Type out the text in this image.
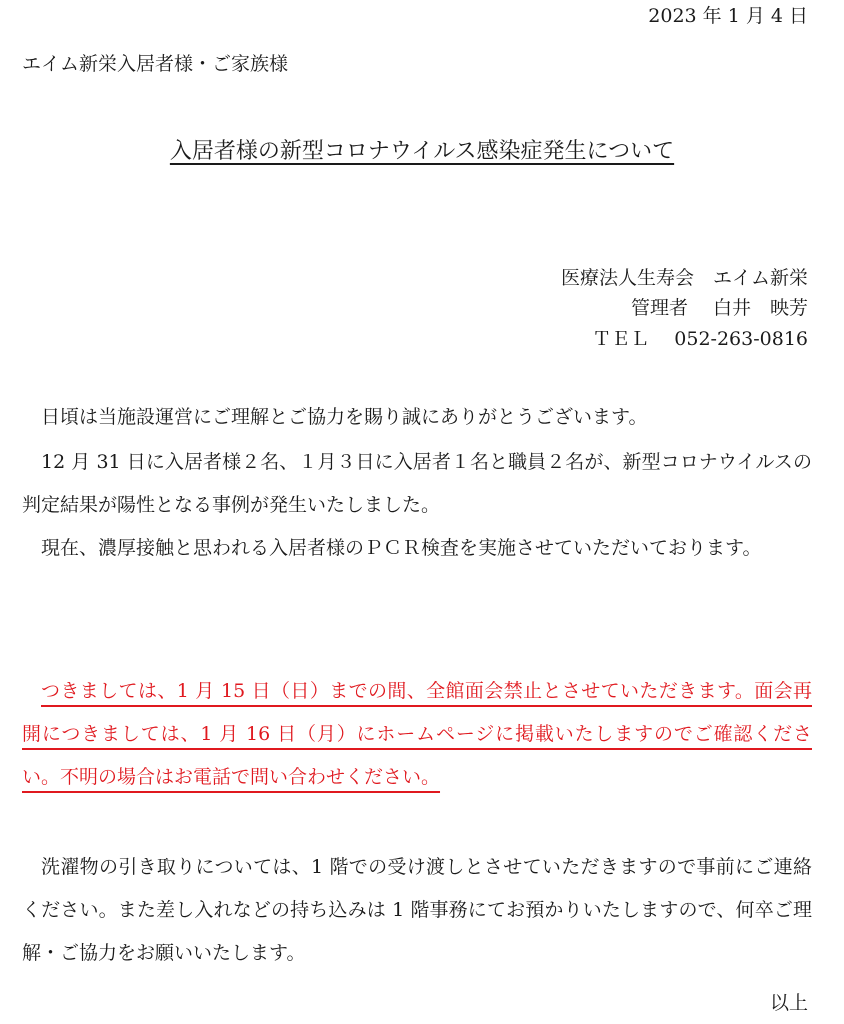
2023 年 1 月 4 日
エイム新栄入居者様・ご家族様
入居者様の新型コロナウイルス感染症発生について
医療法人生寿会　エイム新栄
管理者　 白井　映芳
ＴＥＬ　 052-263-0816
日頃は当施設運営にご理解とご協力を賜り誠にありがとうございます。
12 月 31 日に入居者様２名、１月３日に入居者１名と職員２名が、新型コロナウイルスの判定結果が陽性となる事例が発生いたしました。
現在、濃厚接触と思われる入居者様のＰＣＲ検査を実施させていただいております。
つきましては、1 月 15 日（日）までの間、全館面会禁止とさせていただきます。面会再開につきましては、1 月 16 日（月）にホームページに掲載いたしますのでご確認ください。不明の場合はお電話で問い合わせください。
洗濯物の引き取りについては、1 階での受け渡しとさせていただきますので事前にご連絡ください。また差し入れなどの持ち込みは 1 階事務にてお預かりいたしますので、何卒ご理解・ご協力をお願いいたします。
以上
